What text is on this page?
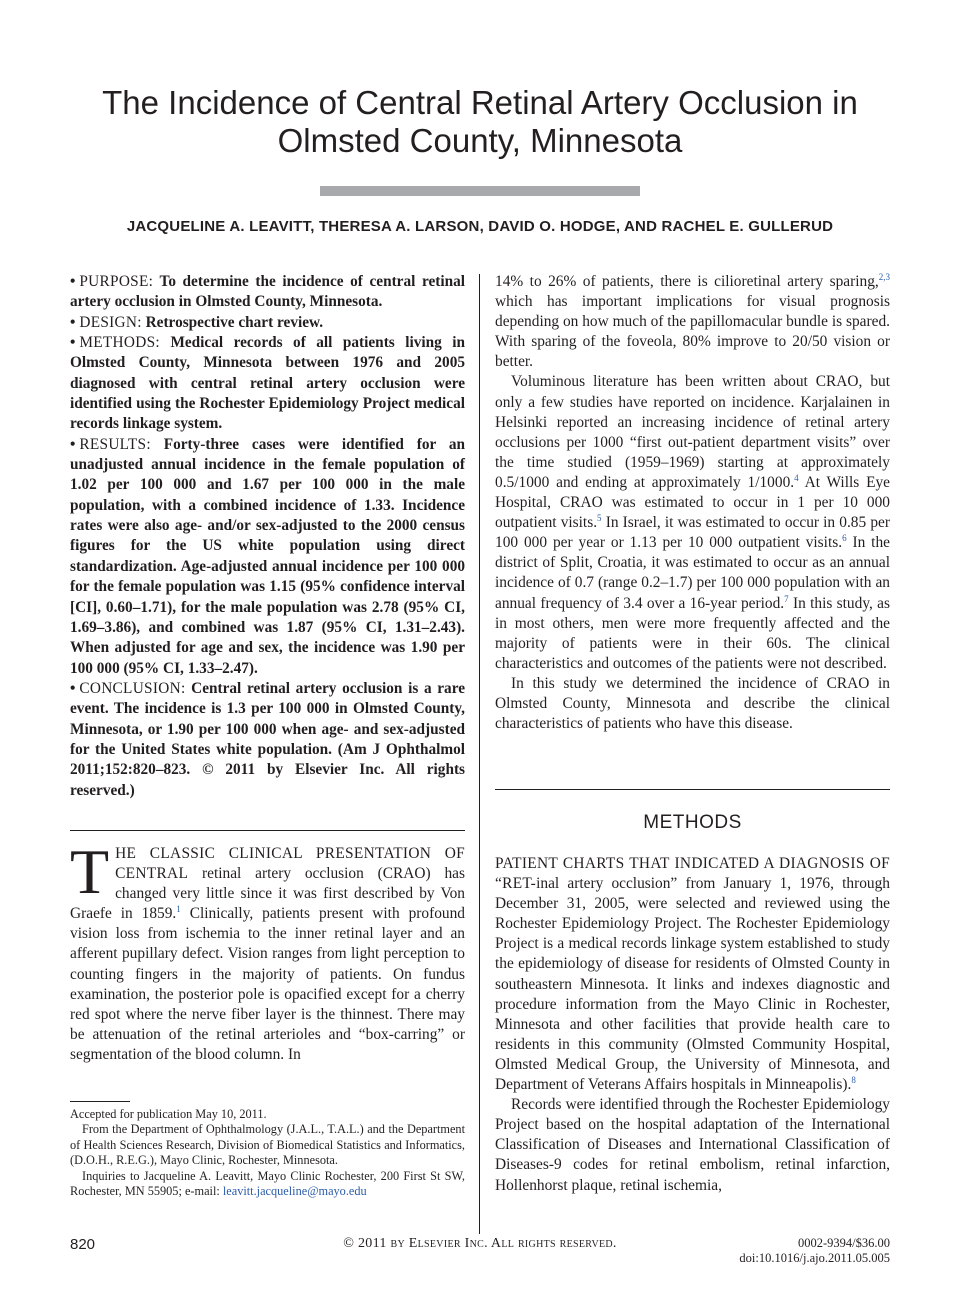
The Incidence of Central Retinal Artery Occlusion in
Olmsted County, Minnesota
JACQUELINE A. LEAVITT, THERESA A. LARSON, DAVID O. HODGE, AND RACHEL E. GULLERUD

• PURPOSE: To determine the incidence of central retinal artery occlusion in Olmsted County, Minnesota.

• DESIGN: Retrospective chart review.

• METHODS: Medical records of all patients living in Olmsted County, Minnesota between 1976 and 2005 diagnosed with central retinal artery occlusion were identified using the Rochester Epidemiology Project medical records linkage system.

• RESULTS: Forty-three cases were identified for an unadjusted annual incidence in the female population of 1.02 per 100 000 and 1.67 per 100 000 in the male population, with a combined incidence of 1.33. Incidence rates were also age- and/or sex-adjusted to the 2000 census figures for the US white population using direct standardization. Age-adjusted annual incidence per 100 000 for the female population was 1.15 (95% confidence interval [CI], 0.60–1.71), for the male population was 2.78 (95% CI, 1.69–3.86), and combined was 1.87 (95% CI, 1.31–2.43). When adjusted for age and sex, the incidence was 1.90 per 100 000 (95% CI, 1.33–2.47).

• CONCLUSION: Central retinal artery occlusion is a rare event. The incidence is 1.3 per 100 000 in Olmsted County, Minnesota, or 1.90 per 100 000 when age- and sex-adjusted for the United States white population. (Am J Ophthalmol 2011;152:820–823. © 2011 by Elsevier Inc. All rights reserved.)

THE CLASSIC CLINICAL PRESENTATION OF CENTRAL retinal artery occlusion (CRAO) has changed very little since it was first described by Von Graefe in 1859.$^1$ Clinically, patients present with profound vision loss from ischemia to the inner retinal layer and an afferent pupillary defect. Vision ranges from light perception to counting fingers in the majority of patients. On fundus examination, the posterior pole is opacified except for a cherry red spot where the nerve fiber layer is the thinnest. There may be attenuation of the retinal arterioles and “box-carring” or segmentation of the blood column. In

Accepted for publication May 10, 2011.

From the Department of Ophthalmology (J.A.L., T.A.L.) and the Department of Health Sciences Research, Division of Biomedical Statistics and Informatics, (D.O.H., R.E.G.), Mayo Clinic, Rochester, Minnesota.

Inquiries to Jacqueline A. Leavitt, Mayo Clinic Rochester, 200 First St SW, Rochester, MN 55905; e-mail: leavitt.jacqueline@mayo.edu

14% to 26% of patients, there is cilioretinal artery sparing,$^{2,3}$ which has important implications for visual prognosis depending on how much of the papillomacular bundle is spared. With sparing of the foveola, 80% improve to 20/50 vision or better.

Voluminous literature has been written about CRAO, but only a few studies have reported on incidence. Karjalainen in Helsinki reported an increasing incidence of retinal artery occlusions per 1000 “first out-patient department visits” over the time studied (1959–1969) starting at approximately 0.5/1000 and ending at approximately 1/1000.$^4$ At Wills Eye Hospital, CRAO was estimated to occur in 1 per 10 000 outpatient visits.$^5$ In Israel, it was estimated to occur in 0.85 per 100 000 per year or 1.13 per 10 000 outpatient visits.$^6$ In the district of Split, Croatia, it was estimated to occur as an annual incidence of 0.7 (range 0.2–1.7) per 100 000 population with an annual frequency of 3.4 over a 16-year period.$^7$ In this study, as in most others, men were more frequently affected and the majority of patients were in their 60s. The clinical characteristics and outcomes of the patients were not described.

In this study we determined the incidence of CRAO in Olmsted County, Minnesota and describe the clinical characteristics of patients who have this disease.

METHODS

PATIENT CHARTS THAT INDICATED A DIAGNOSIS OF “RET-inal artery occlusion” from January 1, 1976, through December 31, 2005, were selected and reviewed using the Rochester Epidemiology Project. The Rochester Epidemiology Project is a medical records linkage system established to study the epidemiology of disease for residents of Olmsted County in southeastern Minnesota. It links and indexes diagnostic and procedure information from the Mayo Clinic in Rochester, Minnesota and other facilities that provide health care to residents in this community (Olmsted Community Hospital, Olmsted Medical Group, the University of Minnesota, and Department of Veterans Affairs hospitals in Minneapolis).$^8$

Records were identified through the Rochester Epidemiology Project based on the hospital adaptation of the International Classification of Diseases and International Classification of Diseases-9 codes for retinal embolism, retinal infarction, Hollenhorst plaque, retinal ischemia,

820	© 2011 by Elsevier Inc. All rights reserved.	0002-9394/$36.00
doi:10.1016/j.ajo.2011.05.005
